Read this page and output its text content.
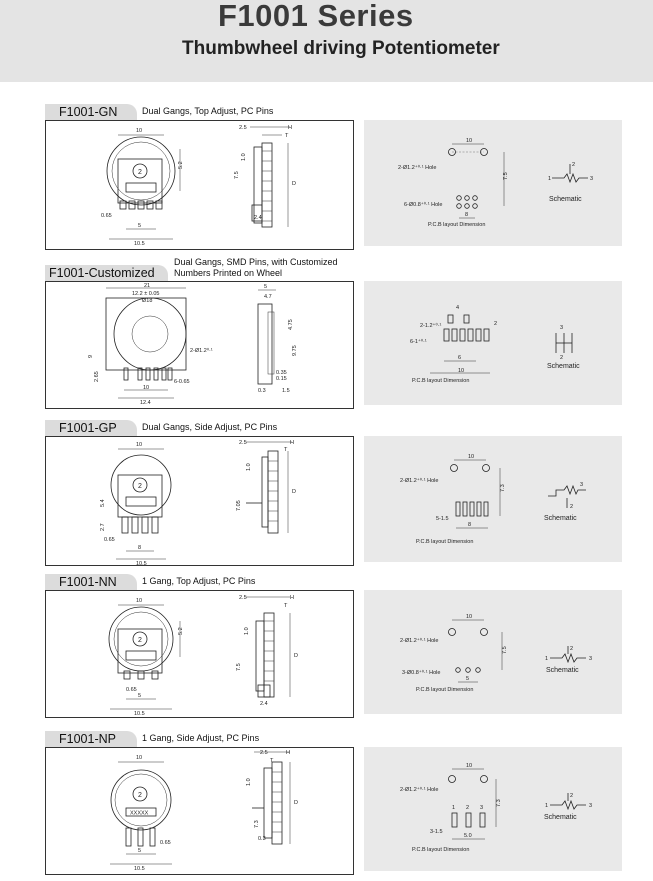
F1001 Series
Thumbwheel driving Potentiometer
F1001-GN	Dual Gangs, Top Adjust, PC Pins
2
10
10.5
5
0.65
5.2
2.5	H
T
D
7.5
1.0
2.4
10
2-Ø1.2⁺⁰·¹ Hole
6-Ø0.8⁺⁰·¹ Hole
8
7.5
P.C.B layout Dimension
1
2
3
Schematic
F1001-Customized
Dual Gangs, SMD Pins, with Customized Numbers Printed on Wheel
21
12.2 ± 0.05
Ø18
2-Ø1.2⁰·¹
9
2.65	6-0.65
10
12.4
5
4.7
4.75
9.75
0.35
0.15
0.3	1.5
2-1.2⁺⁰·¹
6-1⁺⁰·¹
4
2
6
10
P.C.B layout Dimension
3
2
Schematic
F1001-GP	Dual Gangs, Side Adjust, PC Pins
2
10
10.5
8
0.65
5.4
2.7
2.5	H
T
D
7.05
1.0
10
2-Ø1.2⁺⁰·¹ Hole
5-1.5
8
7.3
P.C.B layout Dimension
3
2
Schematic
F1001-NN	1 Gang, Top Adjust, PC Pins
2
10
10.5
5
0.65
5.2
2.5	H
T
D
7.5
1.0
2.4
10
2-Ø1.2⁺⁰·¹ Hole
3-Ø0.8⁺⁰·¹ Hole
5
7.5
P.C.B layout Dimension
1
2
3
Schematic
F1001-NP	1 Gang, Side Adjust, PC Pins
2
XXXXX
10
10.5
5
0.65
2.5	H
T
D
7.3
1.0
0.3
10
2-Ø1.2⁺⁰·¹ Hole
1 2 3
3-1.5
5.0
7.3
P.C.B layout Dimension
1
2
3
Schematic
